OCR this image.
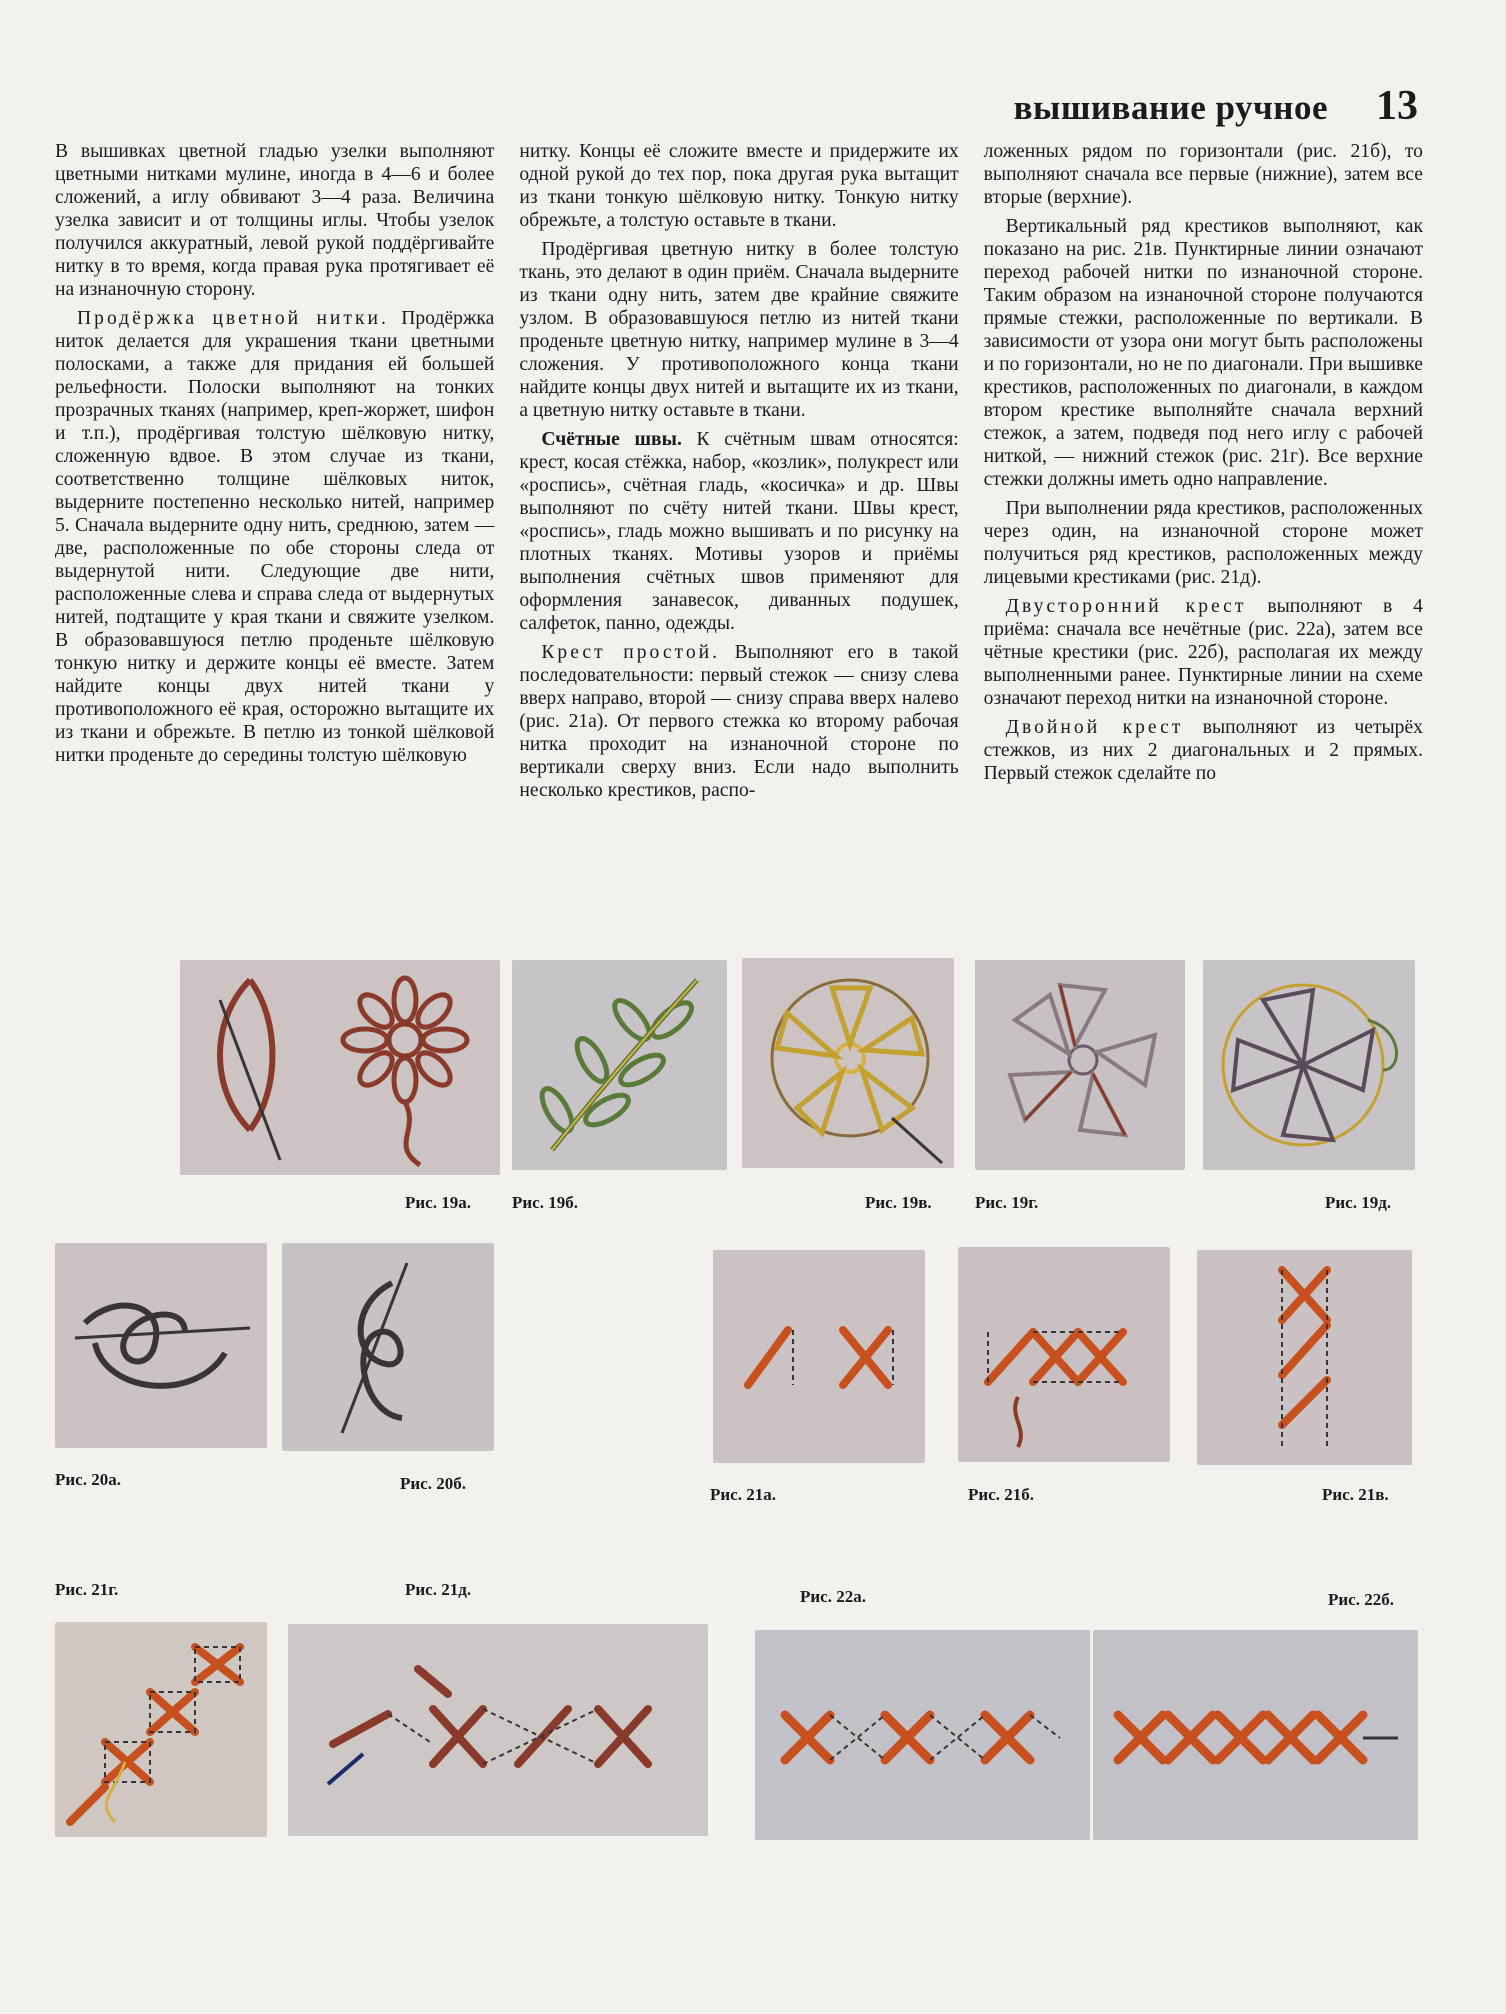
вышивание ручное 13

В вышивках цветной гладью узелки выполняют цветными нитками мулине, иногда в 4—6 и более сложений, а иглу обвивают 3—4 раза. Величина узелка зависит и от толщины иглы. Чтобы узелок получился аккуратный, левой рукой поддёргивайте нитку в то время, когда правая рука протягивает её на изнаночную сторону.

Продёржка цветной нитки. Продёржка ниток делается для украшения ткани цветными полосками, а также для придания ей большей рельефности. Полоски выполняют на тонких прозрачных тканях (например, креп-жоржет, шифон и т.п.), продёргивая толстую шёлковую нитку, сложенную вдвое. В этом случае из ткани, соответственно толщине шёлковых ниток, выдерните постепенно несколько нитей, например 5. Сначала выдерните одну нить, среднюю, затем — две, расположенные по обе стороны следа от выдернутой нити. Следующие две нити, расположенные слева и справа следа от выдернутых нитей, подтащите у края ткани и свяжите узелком. В образовавшуюся петлю проденьте шёлковую тонкую нитку и держите концы её вместе. Затем найдите концы двух нитей ткани у противоположного её края, осторожно вытащите их из ткани и обрежьте. В петлю из тонкой шёлковой нитки проденьте до середины толстую шёлковую

нитку. Концы её сложите вместе и придержите их одной рукой до тех пор, пока другая рука вытащит из ткани тонкую шёлковую нитку. Тонкую нитку обрежьте, а толстую оставьте в ткани.

Продёргивая цветную нитку в более толстую ткань, это делают в один приём. Сначала выдерните из ткани одну нить, затем две крайние свяжите узлом. В образовавшуюся петлю из нитей ткани проденьте цветную нитку, например мулине в 3—4 сложения. У противоположного конца ткани найдите концы двух нитей и вытащите их из ткани, а цветную нитку оставьте в ткани.

Счётные швы. К счётным швам относятся: крест, косая стёжка, набор, «козлик», полукрест или «роспись», счётная гладь, «косичка» и др. Швы выполняют по счёту нитей ткани. Швы крест, «роспись», гладь можно вышивать и по рисунку на плотных тканях. Мотивы узоров и приёмы выполнения счётных швов применяют для оформления занавесок, диванных подушек, салфеток, панно, одежды.

Крест простой. Выполняют его в такой последовательности: первый стежок — снизу слева вверх направо, второй — снизу справа вверх налево (рис. 21а). От первого стежка ко второму рабочая нитка проходит на изнаночной стороне по вертикали сверху вниз. Если надо выполнить несколько крестиков, распо-

ложенных рядом по горизонтали (рис. 21б), то выполняют сначала все первые (нижние), затем все вторые (верхние).

Вертикальный ряд крестиков выполняют, как показано на рис. 21в. Пунктирные линии означают переход рабочей нитки по изнаночной стороне. Таким образом на изнаночной стороне получаются прямые стежки, расположенные по вертикали. В зависимости от узора они могут быть расположены и по горизонтали, но не по диагонали. При вышивке крестиков, расположенных по диагонали, в каждом втором крестике выполняйте сначала верхний стежок, а затем, подведя под него иглу с рабочей ниткой, — нижний стежок (рис. 21г). Все верхние стежки должны иметь одно направление.

При выполнении ряда крестиков, расположенных через один, на изнаночной стороне может получиться ряд крестиков, расположенных между лицевыми крестиками (рис. 21д).

Двусторонний крест выполняют в 4 приёма: сначала все нечётные (рис. 22а), затем все чётные крестики (рис. 22б), располагая их между выполненными ранее. Пунктирные линии на схеме означают переход нитки на изнаночной стороне.

Двойной крест выполняют из четырёх стежков, из них 2 диагональных и 2 прямых. Первый стежок сделайте по

Рис. 19а. Рис. 19б.	Рис. 19в.	Рис. 19г.	Рис. 19д.
Рис. 20а.	Рис. 20б.
Рис. 21а.	Рис. 21б.	Рис. 21в.
Рис. 21г.	Рис. 21д.	Рис. 22а.	Рис. 22б.
